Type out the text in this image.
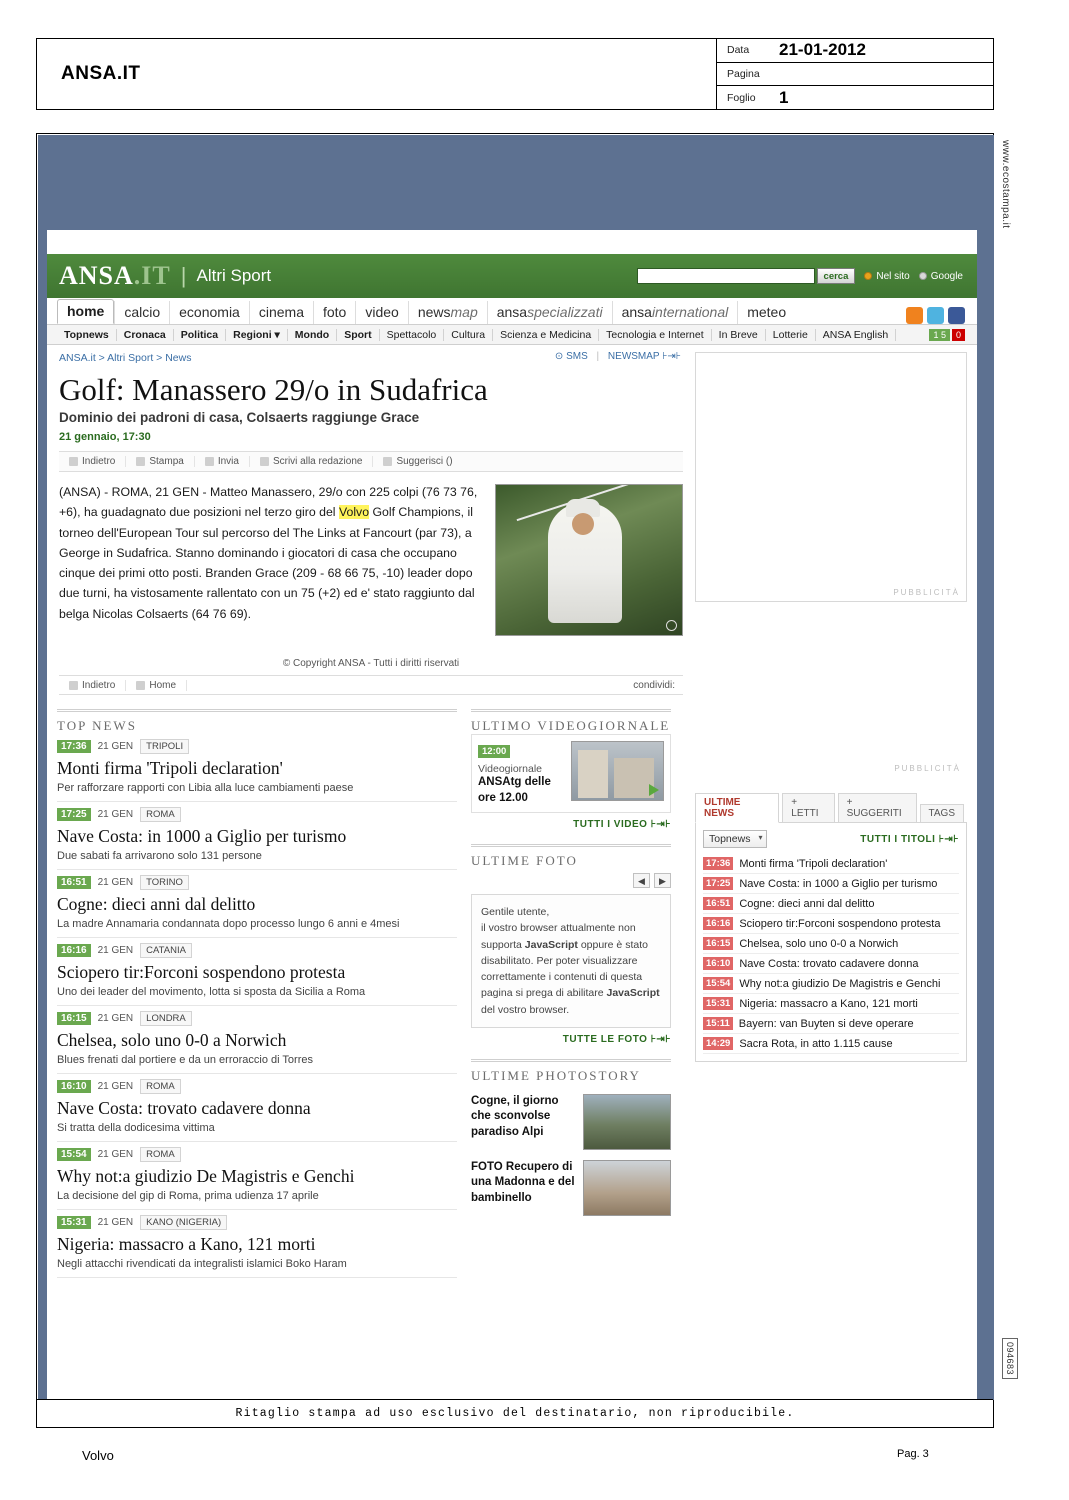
ANSA.IT
Data	21-01-2012
Pagina
Foglio	1
www.ecostampa.it
094683
ANSA.IT | Altri Sport	cerca	Nel sito Google
home	calcio	economia	cinema	foto	video	newsmap	ansaspecializzati	ansainternational	meteo
Topnews	Cronaca	Politica	Regioni ▾	Mondo	Sport	Spettacolo	Cultura	Scienza e Medicina	Tecnologia e Internet	In Breve	Lotterie	ANSA English	1 5	0
ANSA.it > Altri Sport > News	⊙ SMS | NEWSMAP ⊦⇥⊦
Golf: Manassero 29/o in Sudafrica
Dominio dei padroni di casa, Colsaerts raggiunge Grace
21 gennaio, 17:30
Indietro	Stampa	Invia	Scrivi alla redazione	Suggerisci ()
(ANSA) - ROMA, 21 GEN - Matteo Manassero, 29/o con 225 colpi (76 73 76, +6), ha guadagnato due posizioni nel terzo giro del Volvo Golf Champions, il torneo dell'European Tour sul percorso del The Links at Fancourt (par 73), a George in Sudafrica. Stanno dominando i giocatori di casa che occupano cinque dei primi otto posti. Branden Grace (209 - 68 66 75, -10) leader dopo due turni, ha vistosamente rallentato con un 75 (+2) ed e' stato raggiunto dal belga Nicolas Colsaerts (64 76 69).
© Copyright ANSA - Tutti i diritti riservati
Indietro	Home	condividi:
TOP NEWS
17:36	21 GEN	TRIPOLI
Monti firma 'Tripoli declaration'
Per rafforzare rapporti con Libia alla luce cambiamenti paese
17:25	21 GEN	ROMA
Nave Costa: in 1000 a Giglio per turismo
Due sabati fa arrivarono solo 131 persone
16:51	21 GEN	TORINO
Cogne: dieci anni dal delitto
La madre Annamaria condannata dopo processo lungo 6 anni e 4mesi
16:16	21 GEN	CATANIA
Sciopero tir:Forconi sospendono protesta
Uno dei leader del movimento, lotta si sposta da Sicilia a Roma
16:15	21 GEN	LONDRA
Chelsea, solo uno 0-0 a Norwich
Blues frenati dal portiere e da un erroraccio di Torres
16:10	21 GEN	ROMA
Nave Costa: trovato cadavere donna
Si tratta della dodicesima vittima
15:54	21 GEN	ROMA
Why not:a giudizio De Magistris e Genchi
La decisione del gip di Roma, prima udienza 17 aprile
15:31	21 GEN	KANO (NIGERIA)
Nigeria: massacro a Kano, 121 morti
Negli attacchi rivendicati da integralisti islamici Boko Haram
ULTIMO VIDEOGIORNALE
12:00
Videogiornale
ANSAtg delle ore 12.00
TUTTI I VIDEO ⊦⇥⊦
ULTIME FOTO
◀	▶
Gentile utente,
il vostro browser attualmente non supporta JavaScript oppure è stato disabilitato. Per poter visualizzare correttamente i contenuti di questa pagina si prega di abilitare JavaScript del vostro browser.
TUTTE LE FOTO ⊦⇥⊦
ULTIME PHOTOSTORY
Cogne, il giorno che sconvolse paradiso Alpi
FOTO Recupero di una Madonna e del bambinello
PUBBLICITÀ
PUBBLICITÀ
ULTIME NEWS
+ LETTI
+ SUGGERITI	TAGS
Topnews ▾	TUTTI I TITOLI ⊦⇥⊦
17:36 Monti firma 'Tripoli declaration'
17:25 Nave Costa: in 1000 a Giglio per turismo
16:51 Cogne: dieci anni dal delitto
16:16 Sciopero tir:Forconi sospendono protesta
16:15 Chelsea, solo uno 0-0 a Norwich
16:10 Nave Costa: trovato cadavere donna
15:54 Why not:a giudizio De Magistris e Genchi
15:31 Nigeria: massacro a Kano, 121 morti
15:11 Bayern: van Buyten si deve operare
14:29 Sacra Rota, in atto 1.115 cause
Ritaglio stampa ad uso esclusivo del destinatario, non riproducibile.
Volvo	Pag. 3
